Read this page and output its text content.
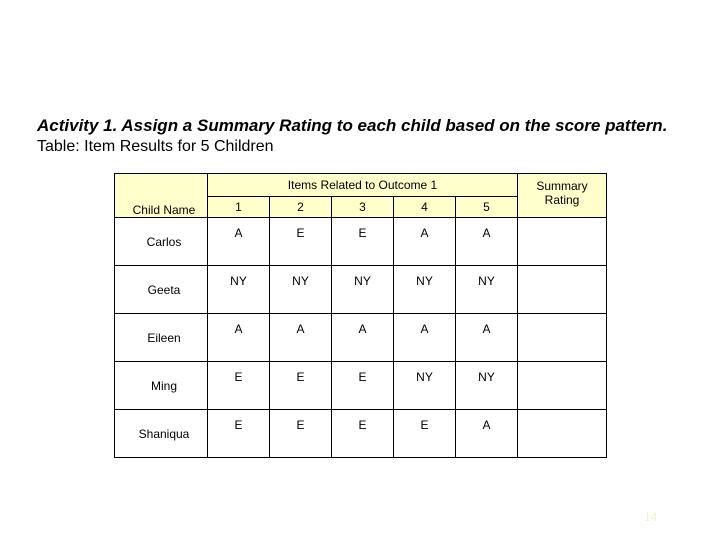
Activity 1. Assign a Summary Rating to each child based on the score pattern.
Table: Item Results for 5 Children
Child Name	Items Related to Outcome 1					Summary Rating
	1	2	3	4	5	
Carlos	A	E	E	A	A	
Geeta	NY	NY	NY	NY	NY	
Eileen	A	A	A	A	A	
Ming	E	E	E	NY	NY	
Shaniqua	E	E	E	E	A	
14
